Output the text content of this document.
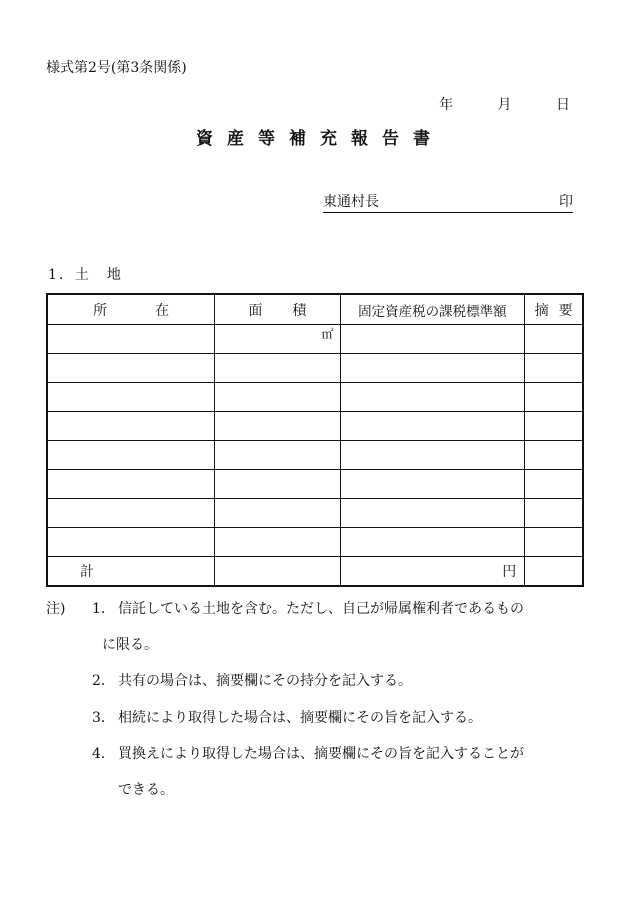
様式第2号(第3条関係)
年	月	日
資産等補充報告書
東通村長	印
1．土　地
所 在	面 積	固定資産税の課税標準額	摘 要
	㎡		

計		円	
注) 1． 信託している土地を含む。ただし、自己が帰属権利者であるもの
に限る。
2． 共有の場合は、摘要欄にその持分を記入する。
3． 相続により取得した場合は、摘要欄にその旨を記入する。
4． 買換えにより取得した場合は、摘要欄にその旨を記入することが
できる。
